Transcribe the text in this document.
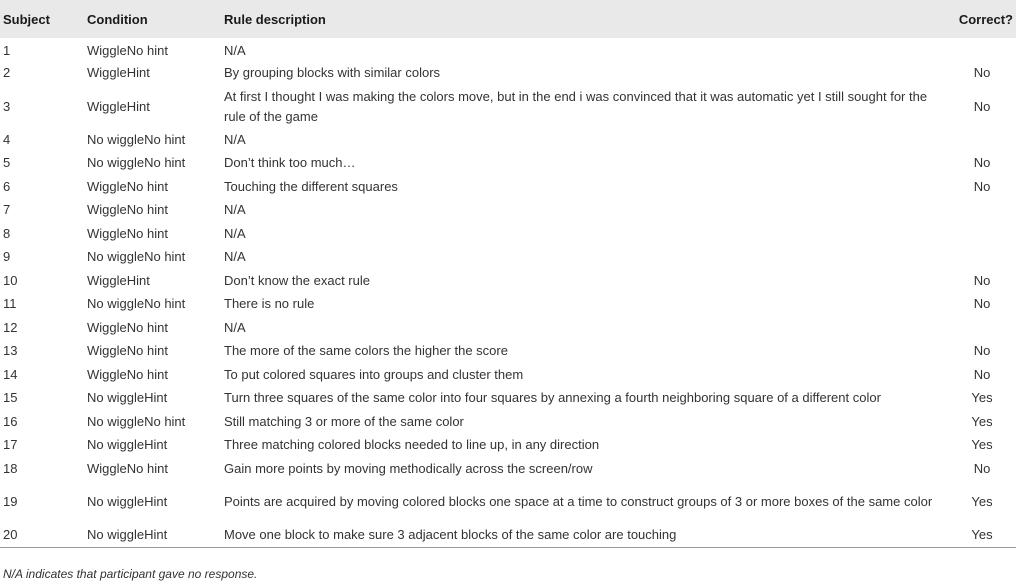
Subject	Condition	Rule description	Correct?
1	WiggleNo hint	N/A	
2	WiggleHint	By grouping blocks with similar colors	No
3	WiggleHint	At first I thought I was making the colors move, but in the end i was convinced that it was automatic yet I still sought for the rule of the game	No
4	No wiggleNo hint	N/A	
5	No wiggleNo hint	Don’t think too much…	No
6	WiggleNo hint	Touching the different squares	No
7	WiggleNo hint	N/A	
8	WiggleNo hint	N/A	
9	No wiggleNo hint	N/A	
10	WiggleHint	Don’t know the exact rule	No
11	No wiggleNo hint	There is no rule	No
12	WiggleNo hint	N/A	
13	WiggleNo hint	The more of the same colors the higher the score	No
14	WiggleNo hint	To put colored squares into groups and cluster them	No
15	No wiggleHint	Turn three squares of the same color into four squares by annexing a fourth neighboring square of a different color	Yes
16	No wiggleNo hint	Still matching 3 or more of the same color	Yes
17	No wiggleHint	Three matching colored blocks needed to line up, in any direction	Yes
18	WiggleNo hint	Gain more points by moving methodically across the screen/row	No
19	No wiggleHint	Points are acquired by moving colored blocks one space at a time to construct groups of 3 or more boxes of the same color	Yes
20	No wiggleHint	Move one block to make sure 3 adjacent blocks of the same color are touching	Yes
N/A indicates that participant gave no response.
